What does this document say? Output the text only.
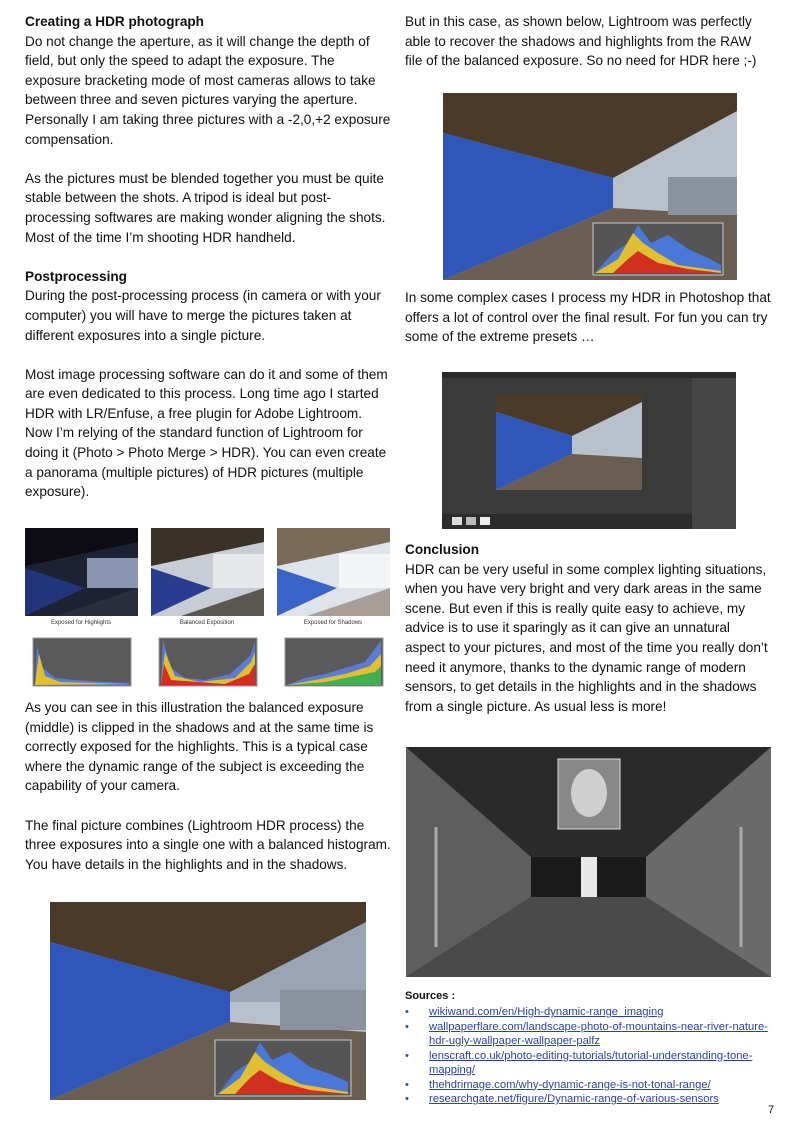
Creating a HDR photograph

Do not change the aperture, as it will change the depth of field, but only the speed to adapt the exposure. The exposure bracketing mode of most cameras allows to take between three and seven pictures varying the aperture. Personally I am taking three pictures with a -2,0,+2 exposure compensation.

As the pictures must be blended together you must be quite stable between the shots. A tripod is ideal but post-processing softwares are making wonder aligning the shots. Most of the time I’m shooting HDR handheld.

Postprocessing

During the post-processing process (in camera or with your computer) you will have to merge the pictures taken at different exposures into a single picture.

Most image processing software can do it and some of them are even dedicated to this process. Long time ago I started HDR with LR/Enfuse, a free plugin for Adobe Lightroom. Now I’m relying of the standard function of Lightroom for doing it (Photo > Photo Merge > HDR). You can even create a panorama (multiple pictures) of HDR pictures (multiple exposure).

Exposed for Highlights	Balanced Exposition	Exposed for Shadows

As you can see in this illustration the balanced exposure (middle) is clipped in the shadows and at the same time is correctly exposed for the highlights. This is a typical case where the dynamic range of the subject is exceeding the capability of your camera.

The final picture combines (Lightroom HDR process) the three exposures into a single one with a balanced histogram. You have details in the highlights and in the shadows.

But in this case, as shown below, Lightroom was perfectly able to recover the shadows and highlights from the RAW file of the balanced exposure. So no need for HDR here ;-)

In some complex cases I process my HDR in Photoshop that offers a lot of control over the final result. For fun you can try some of the extreme presets …

Conclusion

HDR can be very useful in some complex lighting situations, when you have very bright and very dark areas in the same scene. But even if this is really quite easy to achieve, my advice is to use it sparingly as it can give an unnatural aspect to your pictures, and most of the time you really don’t need it anymore, thanks to the dynamic range of modern sensors, to get details in the highlights and in the shadows from a single picture. As usual less is more!

Sources :
• wikiwand.com/en/High-dynamic-range_imaging
• wallpaperflare.com/landscape-photo-of-mountains-near-river-nature-hdr-ugly-wallpaper-wallpaper-palfz
• lenscraft.co.uk/photo-editing-tutorials/tutorial-understanding-tone-mapping/
• thehdrimage.com/why-dynamic-range-is-not-tonal-range/
• researchgate.net/figure/Dynamic-range-of-various-sensors
7
